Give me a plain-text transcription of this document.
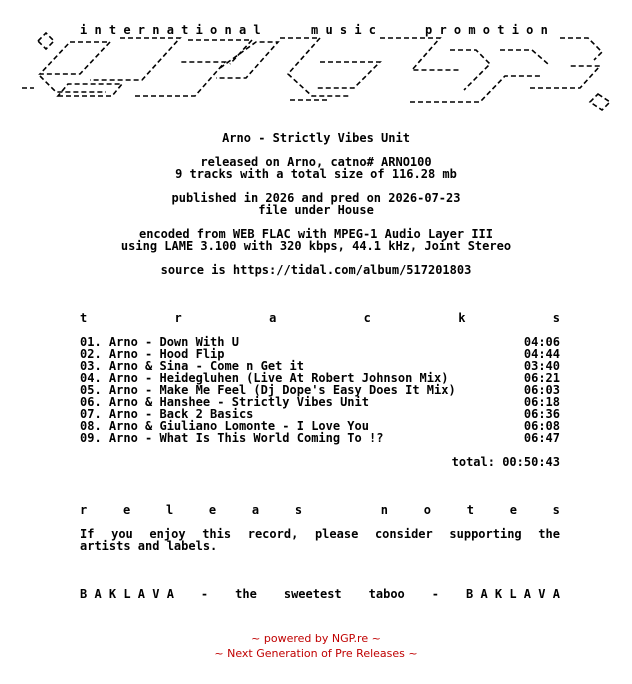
i n t e r n a t i o n a l	m u s i c	p r o m o t i o n
Arno - Strictly Vibes Unit
released on Arno, catno# ARNO100
9 tracks with a total size of 116.28 mb
published in 2026 and pred on 2026-07-23
file under House
encoded from WEB FLAC with MPEG-1 Audio Layer III
using LAME 3.100 with 320 kbps, 44.1 kHz, Joint Stereo
source is https://tidal.com/album/517201803
t	r	a	c	k	s
01. Arno - Down With U	04:06
02. Arno - Hood Flip	04:44
03. Arno & Sina - Come n Get it	03:40
04. Arno - Heidegluhen (Live At Robert Johnson Mix)	06:21
05. Arno - Make Me Feel (Dj Dope's Easy Does It Mix)	06:03
06. Arno & Hanshee - Strictly Vibes Unit	06:18
07. Arno - Back 2 Basics	06:36
08. Arno & Giuliano Lomonte - I Love You	06:08
09. Arno - What Is This World Coming To !?	06:47
total: 00:50:43
r	e	l	e	a	s
	n	o	t	e	s
If you enjoy this record, please consider supporting the
artists and labels.
B A K L A V A - the sweetest taboo - B A K L A V A
~ powered by NGP.re ~
~ Next Generation of Pre Releases ~
